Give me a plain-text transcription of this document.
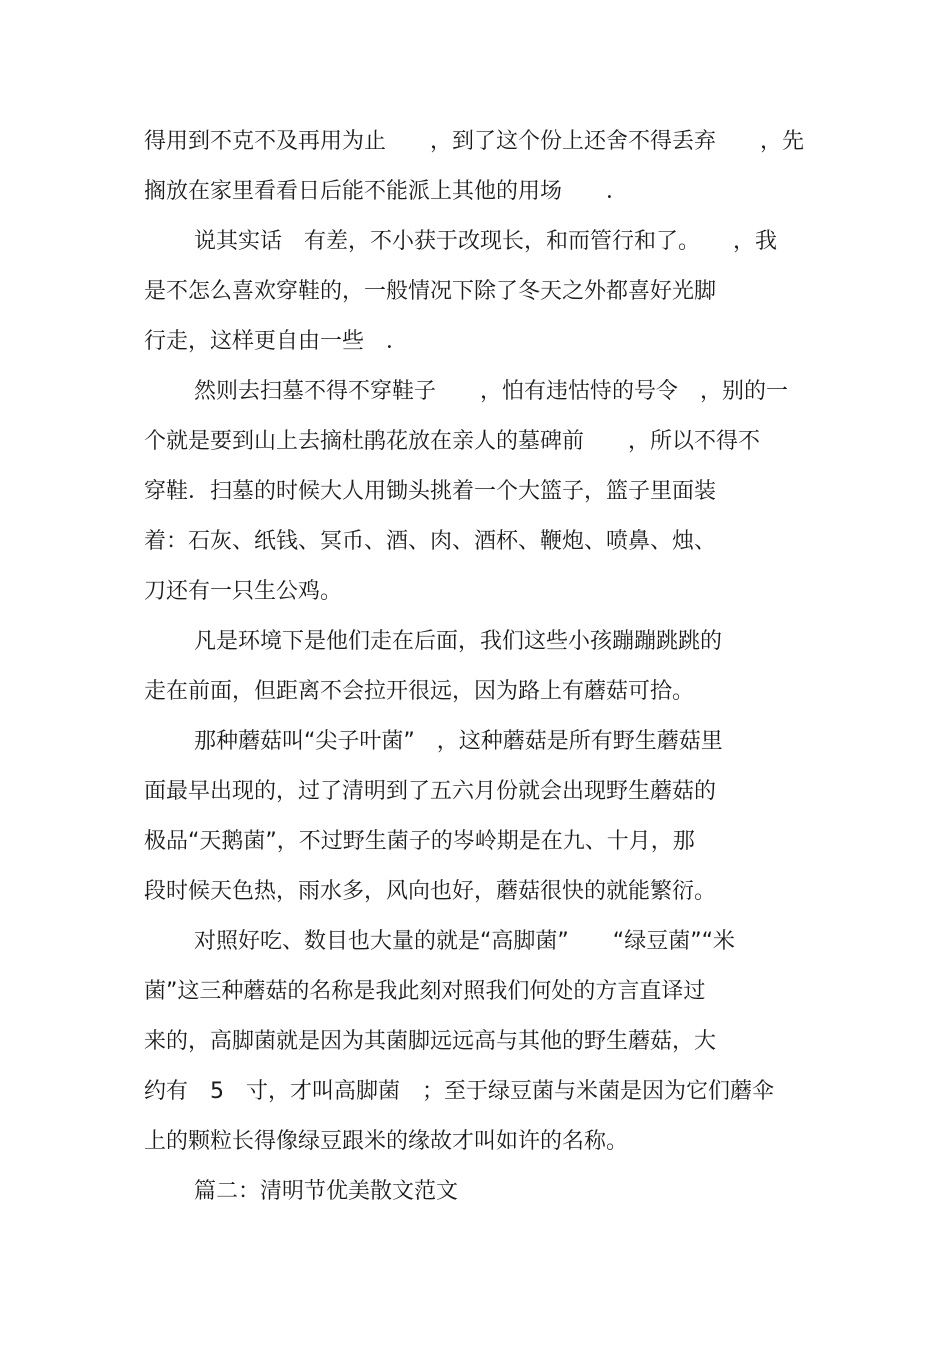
得用到不克不及再用为止　　，到了这个份上还舍不得丢弃　　，先
搁放在家里看看日后能不能派上其他的用场　　．
说其实话　有差，不小获于改现长，和而管行和了。　　，我
是不怎么喜欢穿鞋的，一般情况下除了冬天之外都喜好光脚
行走，这样更自由一些　．
然则去扫墓不得不穿鞋子　　，怕有违怙恃的号令　，别的一
个就是要到山上去摘杜鹃花放在亲人的墓碑前　　，所以不得不
穿鞋．扫墓的时候大人用锄头挑着一个大篮子，篮子里面装
着：石灰、纸钱、冥币、酒、肉、酒杯、鞭炮、喷鼻、烛、
刀还有一只生公鸡。
凡是环境下是他们走在后面，我们这些小孩蹦蹦跳跳的
走在前面，但距离不会拉开很远，因为路上有蘑菇可拾。
那种蘑菇叫“尖子叶菌”　，这种蘑菇是所有野生蘑菇里
面最早出现的，过了清明到了五六月份就会出现野生蘑菇的
极品“天鹅菌”，不过野生菌子的岑岭期是在九、十月，那
段时候天色热，雨水多，风向也好，蘑菇很快的就能繁衍。
对照好吃、数目也大量的就是“高脚菌”　　“绿豆菌”“米
菌”这三种蘑菇的名称是我此刻对照我们何处的方言直译过
来的，高脚菌就是因为其菌脚远远高与其他的野生蘑菇，大
约有　5　寸，才叫高脚菌　；至于绿豆菌与米菌是因为它们蘑伞
上的颗粒长得像绿豆跟米的缘故才叫如许的名称。
篇二：清明节优美散文范文
